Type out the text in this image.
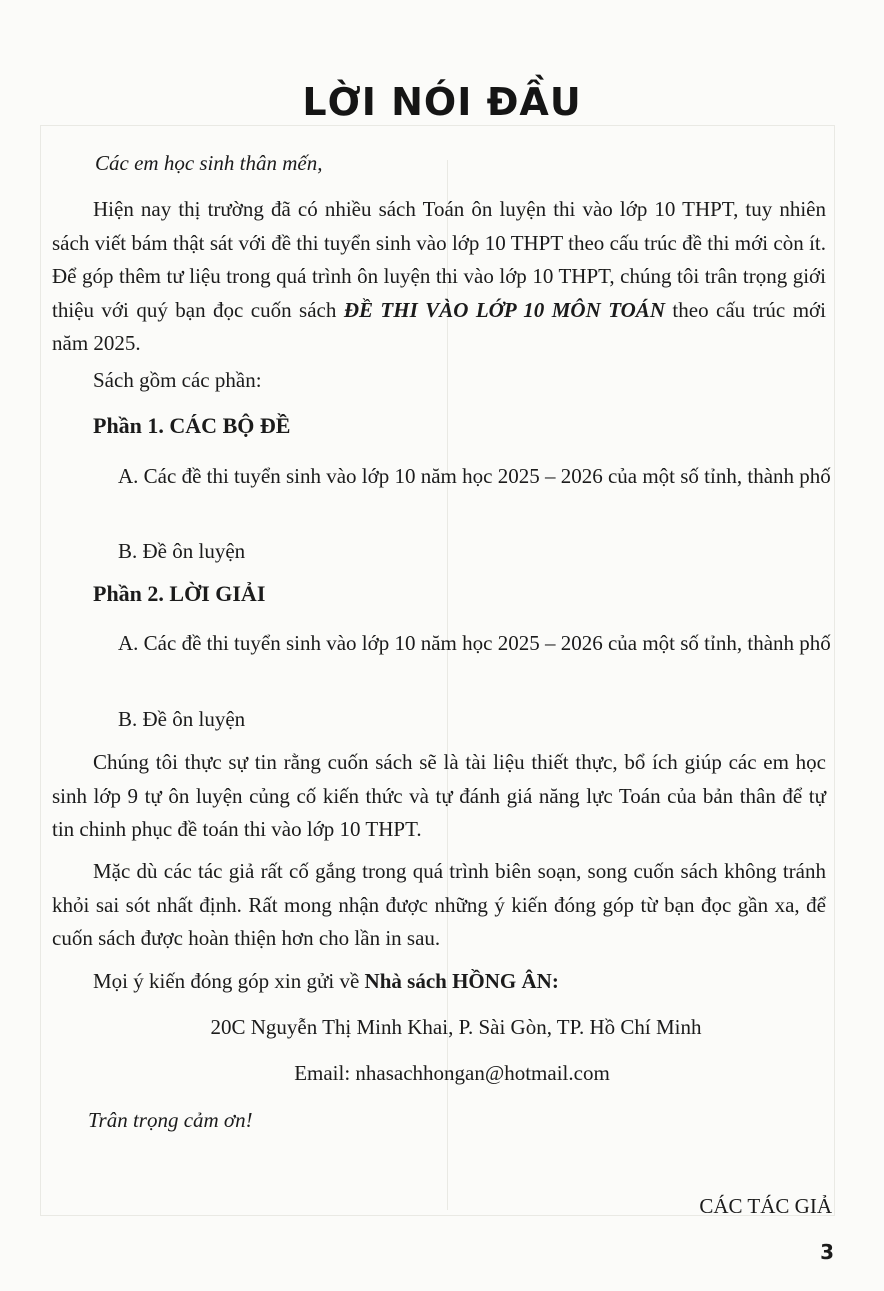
LỜI NÓI ĐẦU
Các em học sinh thân mến,
Hiện nay thị trường đã có nhiều sách Toán ôn luyện thi vào lớp 10 THPT, tuy nhiên sách viết bám thật sát với đề thi tuyển sinh vào lớp 10 THPT theo cấu trúc đề thi mới còn ít. Để góp thêm tư liệu trong quá trình ôn luyện thi vào lớp 10 THPT, chúng tôi trân trọng giới thiệu với quý bạn đọc cuốn sách ĐỀ THI VÀO LỚP 10 MÔN TOÁN theo cấu trúc mới năm 2025.
Sách gồm các phần:
Phần 1. CÁC BỘ ĐỀ
A. Các đề thi tuyển sinh vào lớp 10 năm học 2025 – 2026 của một số tỉnh, thành phố
B. Đề ôn luyện
Phần 2. LỜI GIẢI
A. Các đề thi tuyển sinh vào lớp 10 năm học 2025 – 2026 của một số tỉnh, thành phố
B. Đề ôn luyện
Chúng tôi thực sự tin rằng cuốn sách sẽ là tài liệu thiết thực, bổ ích giúp các em học sinh lớp 9 tự ôn luyện củng cố kiến thức và tự đánh giá năng lực Toán của bản thân để tự tin chinh phục đề toán thi vào lớp 10 THPT.
Mặc dù các tác giả rất cố gắng trong quá trình biên soạn, song cuốn sách không tránh khỏi sai sót nhất định. Rất mong nhận được những ý kiến đóng góp từ bạn đọc gần xa, để cuốn sách được hoàn thiện hơn cho lần in sau.
Mọi ý kiến đóng góp xin gửi về Nhà sách HỒNG ÂN:
20C Nguyễn Thị Minh Khai, P. Sài Gòn, TP. Hồ Chí Minh
Email: nhasachhongan@hotmail.com
Trân trọng cảm ơn!
CÁC TÁC GIẢ
3
